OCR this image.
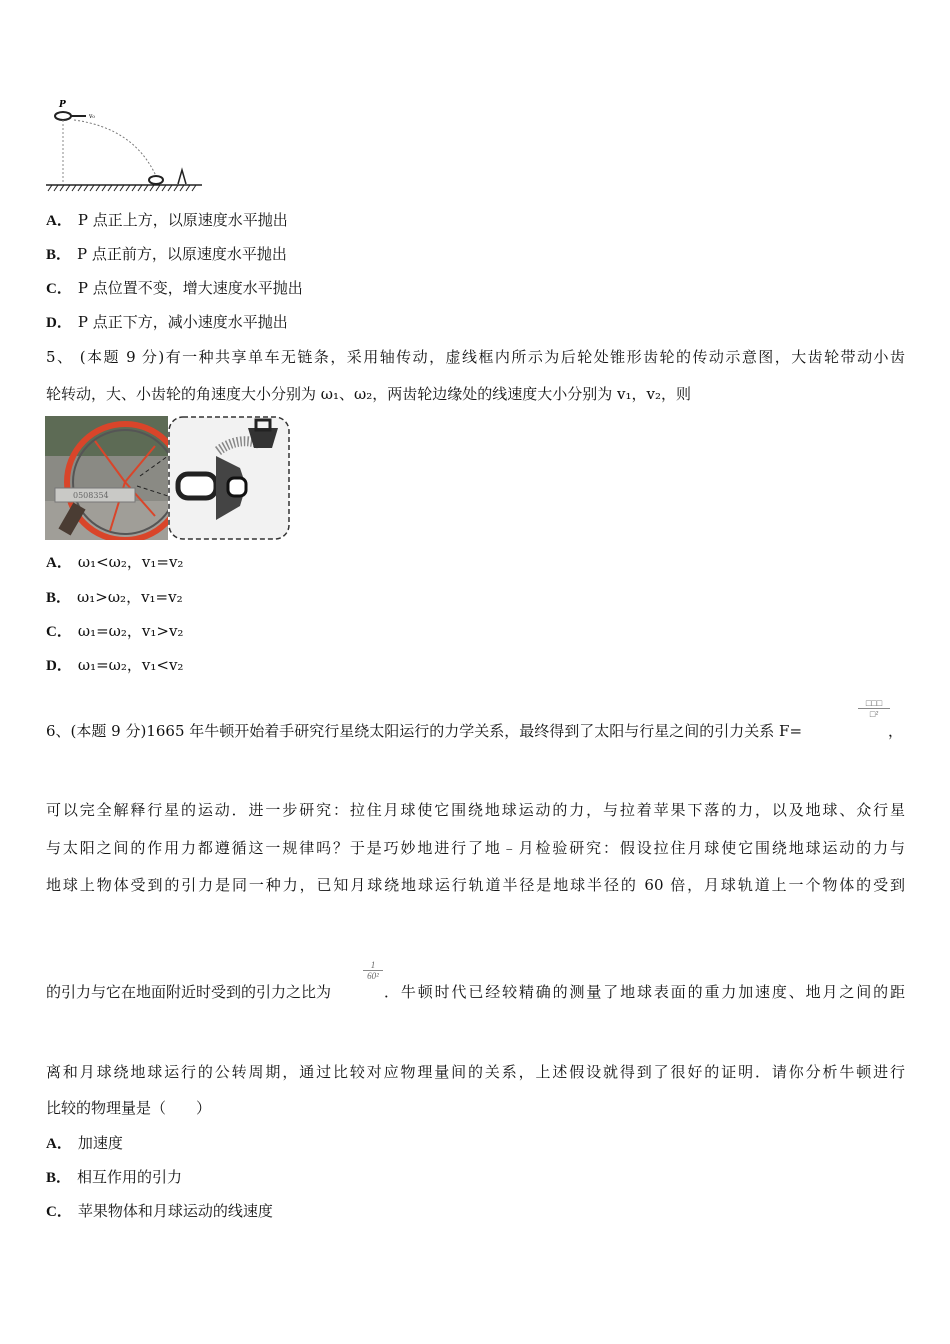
P
v₀
A． P 点正上方，以原速度水平抛出
B． P 点正前方，以原速度水平抛出
C． P 点位置不变，增大速度水平抛出
D． P 点正下方，减小速度水平抛出
5、 (本题 9 分)有一种共享单车无链条，采用轴传动，虚线框内所示为后轮处锥形齿轮的传动示意图，大齿轮带动小齿
轮转动，大、小齿轮的角速度大小分别为 ω₁、ω₂，两齿轮边缘处的线速度大小分别为 v₁，v₂，则
0508354
A． ω₁<ω₂，v₁=v₂
B． ω₁>ω₂，v₁=v₂
C． ω₁=ω₂，v₁>v₂
D． ω₁=ω₂，v₁<v₂
6、(本题 9 分)1665 年牛顿开始着手研究行星绕太阳运行的力学关系，最终得到了太阳与行星之间的引力关系 F=
□□□
□²
，
可以完全解释行星的运动．进一步研究：拉住月球使它围绕地球运动的力，与拉着苹果下落的力，以及地球、众行星
与太阳之间的作用力都遵循这一规律吗？于是巧妙地进行了地﹣月检验研究：假设拉住月球使它围绕地球运动的力与
地球上物体受到的引力是同一种力，已知月球绕地球运行轨道半径是地球半径的 60 倍，月球轨道上一个物体的受到
的引力与它在地面附近时受到的引力之比为
$\frac{1}{\text{60²}}$
．牛顿时代已经较精确的测量了地球表面的重力加速度、地月之间的距
离和月球绕地球运行的公转周期，通过比较对应物理量间的关系，上述假设就得到了很好的证明．请你分析牛顿进行
比较的物理量是（　　）
A． 加速度
B． 相互作用的引力
C． 苹果物体和月球运动的线速度
